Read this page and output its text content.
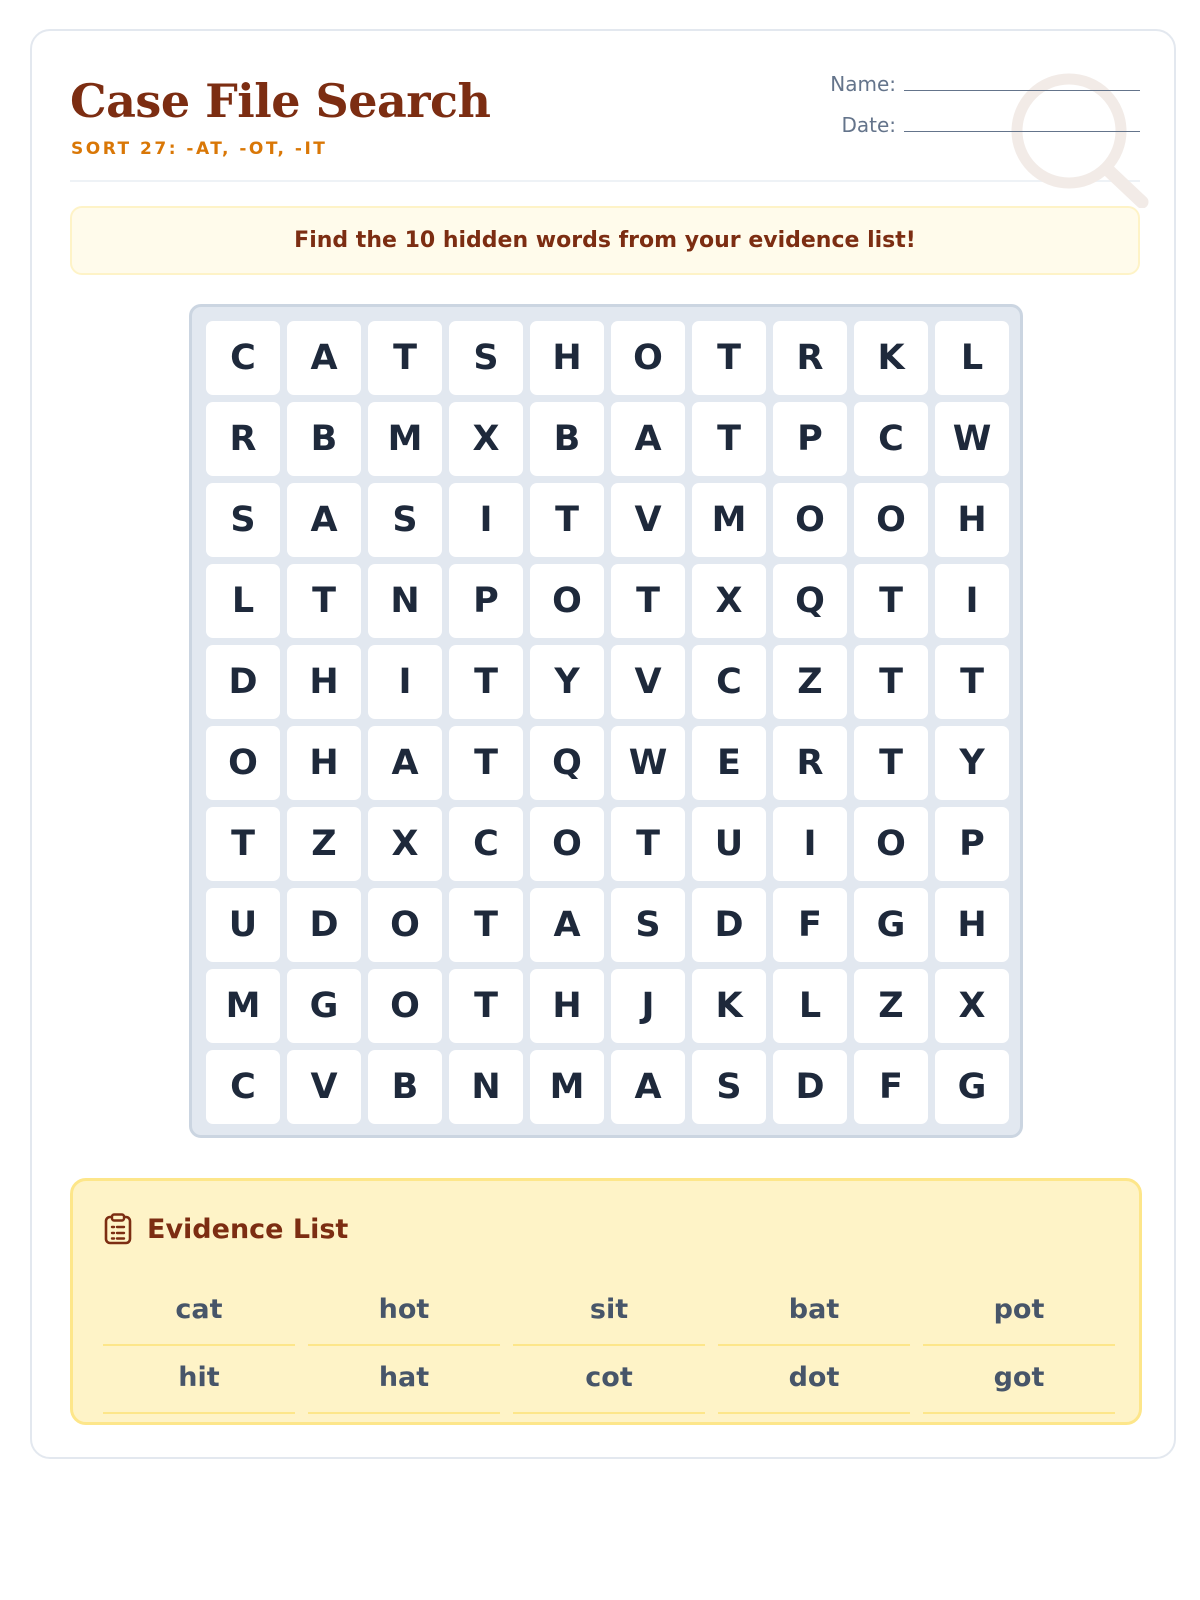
Case File Search
SORT 27: -AT, -OT, -IT
Name:
Date:
Find the 10 hidden words from your evidence list!
C	A	T	S	H	O	T	R	K	L
R	B	M	X	B	A	T	P	C	W
S	A	S	I	T	V	M	O	O	H
L	T	N	P	O	T	X	Q	T	I
D	H	I	T	Y	V	C	Z	T	T
O	H	A	T	Q	W	E	R	T	Y
T	Z	X	C	O	T	U	I	O	P
U	D	O	T	A	S	D	F	G	H
M	G	O	T	H	J	K	L	Z	X
C	V	B	N	M	A	S	D	F	G
Evidence List
cat	hot	sit	bat	pot
hit	hat	cot	dot	got
